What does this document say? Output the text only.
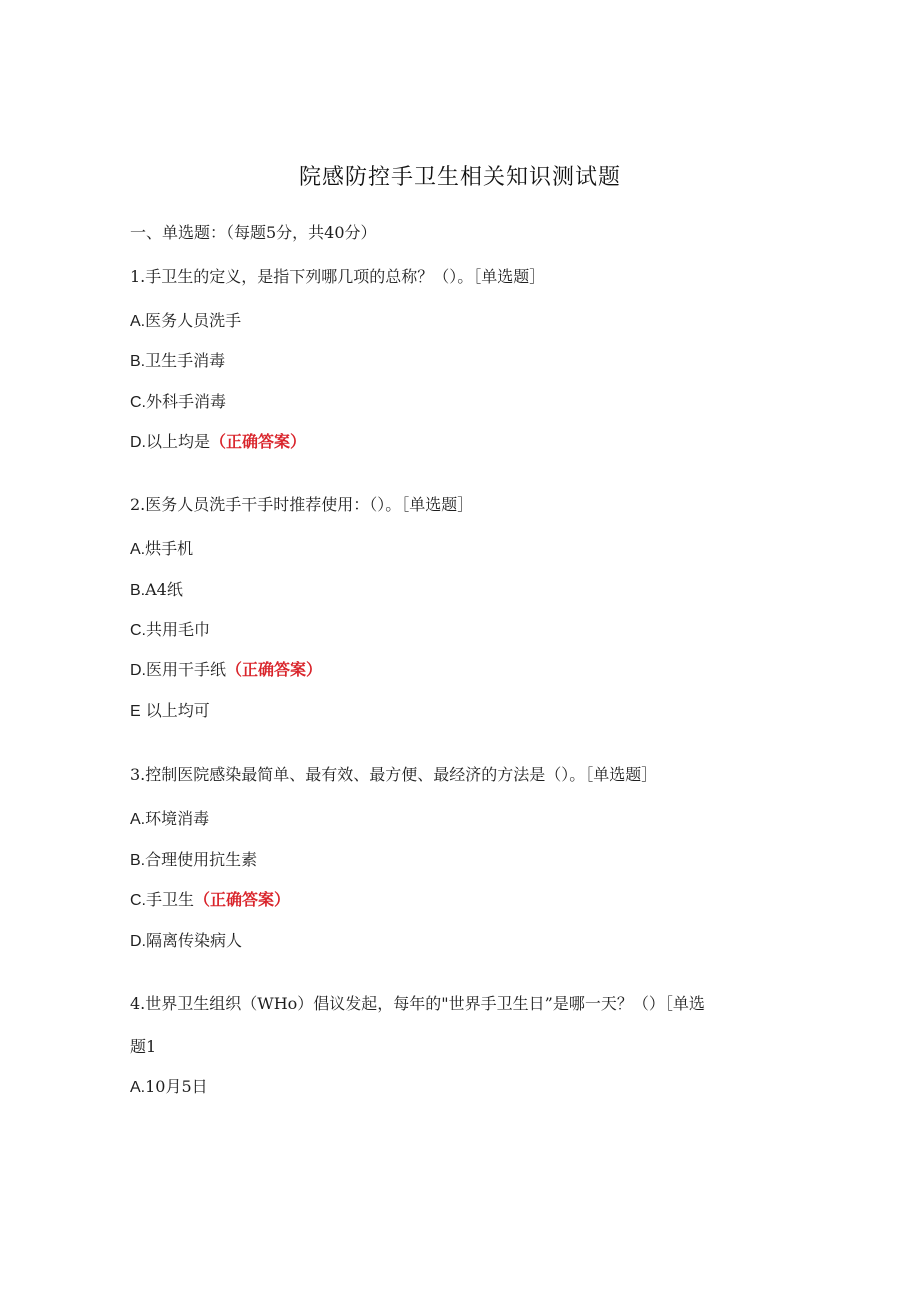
院感防控手卫生相关知识测试题
一、单选题：（每题5分，共40分）
1.手卫生的定义，是指下列哪几项的总称？（）。［单选题］
A.医务人员洗手
B.卫生手消毒
C.外科手消毒
D.以上均是（正确答案）
2.医务人员洗手干手时推荐使用：（）。［单选题］
A.烘手机
B.A4纸
C.共用毛巾
D.医用干手纸（正确答案）
E 以上均可
3.控制医院感染最简单、最有效、最方便、最经济的方法是（）。［单选题］
A.环境消毒
B.合理使用抗生素
C.手卫生（正确答案）
D.隔离传染病人
4.世界卫生组织（WHo）倡议发起，每年的"世界手卫生日”是哪一天？（）［单选
题1
A.10月5日
